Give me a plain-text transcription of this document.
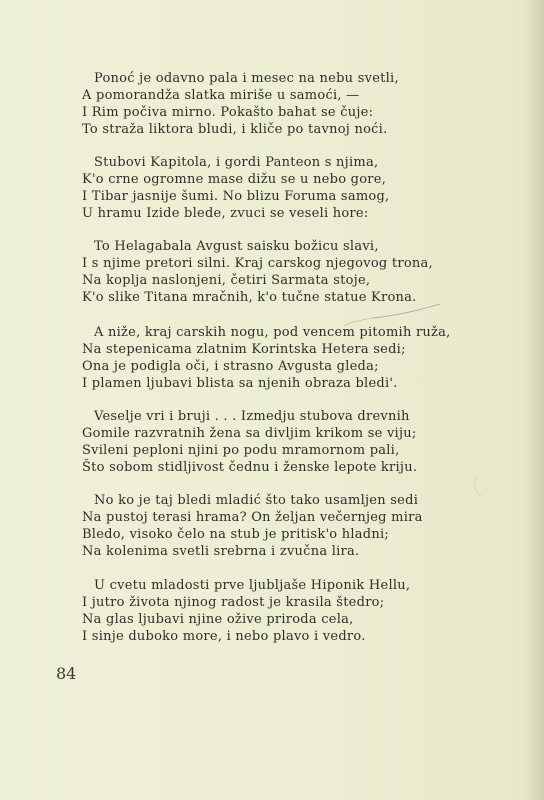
Ponoć je odavno pala i mesec na nebu svetli,
A pomorandža slatka miriše u samoći, —
I Rim počiva mirno. Pokašto bahat se čuje:
To straža liktora bludi, i kliče po tavnoj noći.
Stubovi Kapitola, i gordi Panteon s njima,
K'o crne ogromne mase dižu se u nebo gore,
I Tibar jasnije šumi. No blizu Foruma samog,
U hramu Izide blede, zvuci se veseli hore:
To Helagabala Avgust saisku božicu slavi,
I s njime pretori silni. Kraj carskog njegovog trona,
Na koplja naslonjeni, četiri Sarmata stoje,
K'o slike Titana mračnih, k'o tučne statue Krona.
A niže, kraj carskih nogu, pod vencem pitomih ruža,
Na stepenicama zlatnim Korintska Hetera sedi;
Ona je podigla oči, i strasno Avgusta gleda;
I plamen ljubavi blista sa njenih obraza bledi'.
Veselje vri i bruji . . . Izmedju stubova drevnih
Gomile razvratnih žena sa divljim krikom se viju;
Svileni peploni njini po podu mramornom pali,
Što sobom stidljivost čednu i ženske lepote kriju.
No ko je taj bledi mladić što tako usamljen sedi
Na pustoj terasi hrama? On željan večernjeg mira
Bledo, visoko čelo na stub je pritisk'o hladni;
Na kolenima svetli srebrna i zvučna lira.
U cvetu mladosti prve ljubljaše Hiponik Hellu,
I jutro života njinog radost je krasila štedro;
Na glas ljubavi njine ožive priroda cela,
I sinje duboko more, i nebo plavo i vedro.
84
